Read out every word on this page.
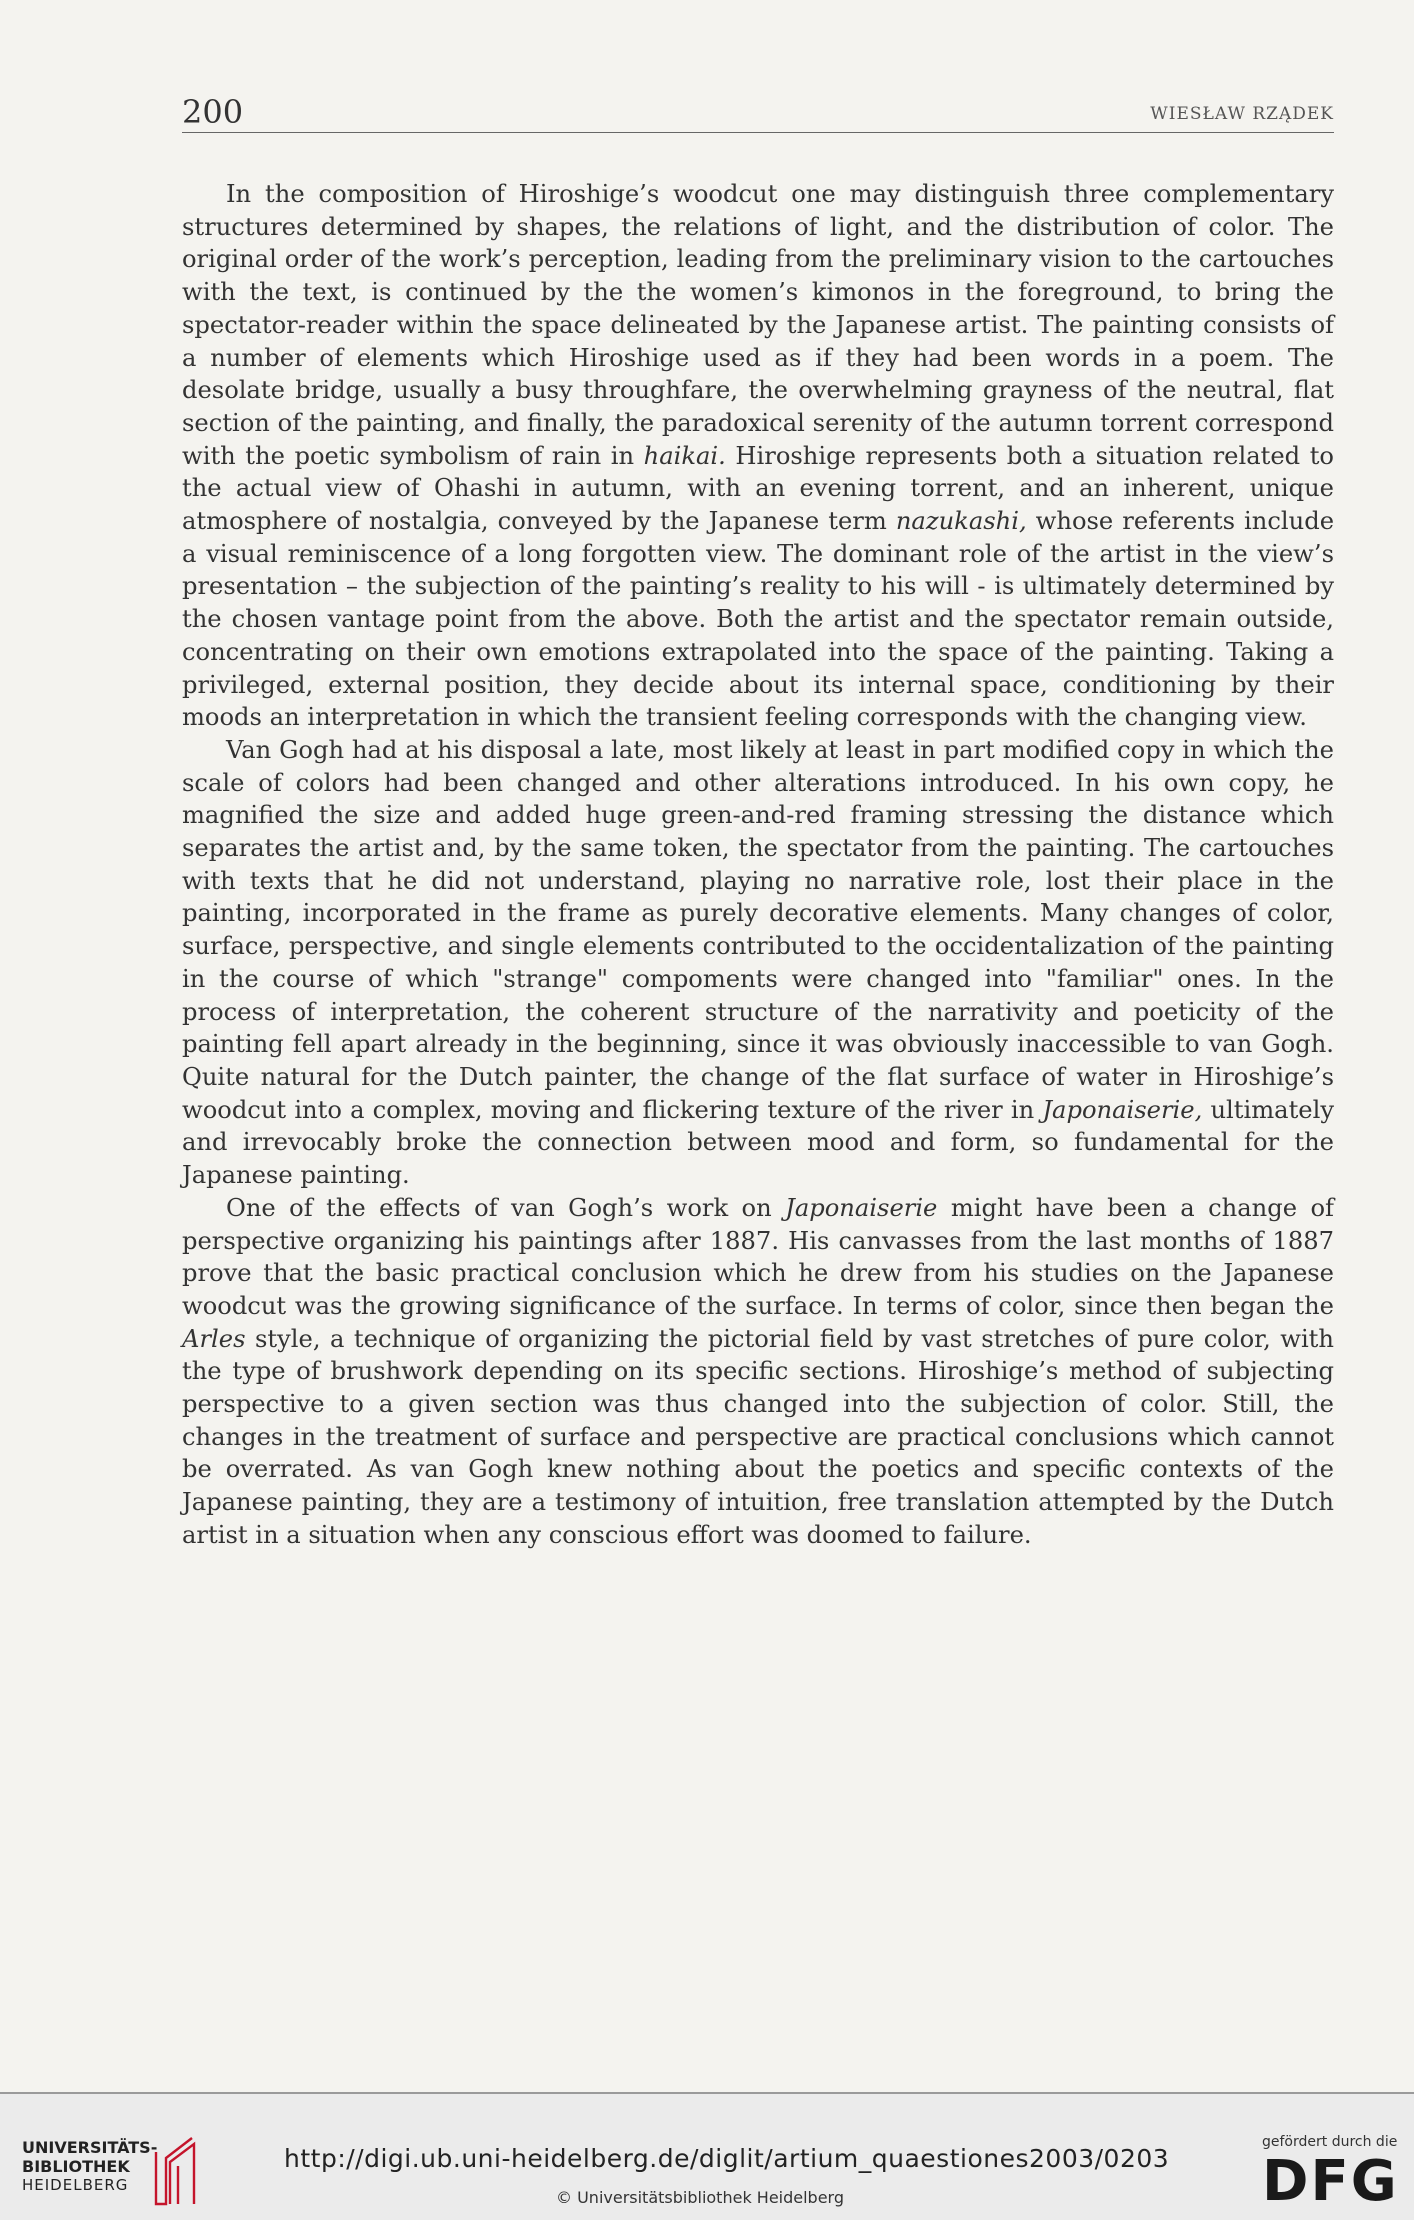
200	WIESŁAW RZĄDEK

In the composition of Hiroshige’s woodcut one may distinguish three complementary structures determined by shapes, the relations of light, and the distribution of color. The original order of the work’s perception, leading from the preliminary vision to the cartouches with the text, is continued by the the women’s kimonos in the foreground, to bring the spectator-reader within the space delineated by the Japanese artist. The painting consists of a number of elements which Hiroshige used as if they had been words in a poem. The desolate bridge, usually a busy throughfare, the overwhelming grayness of the neutral, flat section of the painting, and finally, the paradoxical serenity of the autumn torrent correspond with the poetic symbolism of rain in haikai. Hiroshige represents both a situation related to the actual view of Ohashi in autumn, with an evening torrent, and an inherent, unique atmosphere of nostalgia, conveyed by the Japanese term nazukashi, whose referents include a visual reminiscence of a long forgotten view. The dominant role of the artist in the view’s presentation – the subjection of the painting’s reality to his will - is ultimately determined by the chosen vantage point from the above. Both the artist and the spectator remain outside, concentrating on their own emotions extrapolated into the space of the painting. Taking a privileged, external position, they decide about its internal space, conditioning by their moods an interpretation in which the transient feeling corresponds with the changing view.

Van Gogh had at his disposal a late, most likely at least in part modified copy in which the scale of colors had been changed and other alterations introduced. In his own copy, he magnified the size and added huge green-and-red framing stressing the distance which separates the artist and, by the same token, the spectator from the painting. The cartouches with texts that he did not understand, playing no narrative role, lost their place in the painting, incorporated in the frame as purely decorative elements. Many changes of color, surface, perspective, and single elements contributed to the occidentalization of the painting in the course of which "strange" compoments were changed into "familiar" ones. In the process of interpretation, the coherent structure of the narrativity and poeticity of the painting fell apart already in the beginning, since it was obviously inaccessible to van Gogh. Quite natural for the Dutch painter, the change of the flat surface of water in Hiroshige’s woodcut into a complex, moving and flickering texture of the river in Japonaiserie, ultimately and irrevocably broke the connection between mood and form, so fundamental for the Japanese painting.

One of the effects of van Gogh’s work on Japonaiserie might have been a change of perspective organizing his paintings after 1887. His canvasses from the last months of 1887 prove that the basic practical conclusion which he drew from his studies on the Japanese woodcut was the growing significance of the surface. In terms of color, since then began the Arles style, a technique of organizing the pictorial field by vast stretches of pure color, with the type of brushwork depending on its specific sections. Hiroshige’s method of subjecting perspective to a given section was thus changed into the subjection of color. Still, the changes in the treatment of surface and perspective are practical conclusions which cannot be overrated. As van Gogh knew nothing about the poetics and specific contexts of the Japanese painting, they are a testimony of intuition, free translation attempted by the Dutch artist in a situation when any conscious effort was doomed to failure.

UNIVERSITÄTS-
BIBLIOTHEK
HEIDELBERG
http://digi.ub.uni-heidelberg.de/diglit/artium_quaestiones2003/0203
© Universitätsbibliothek Heidelberg
gefördert durch die
DFG
